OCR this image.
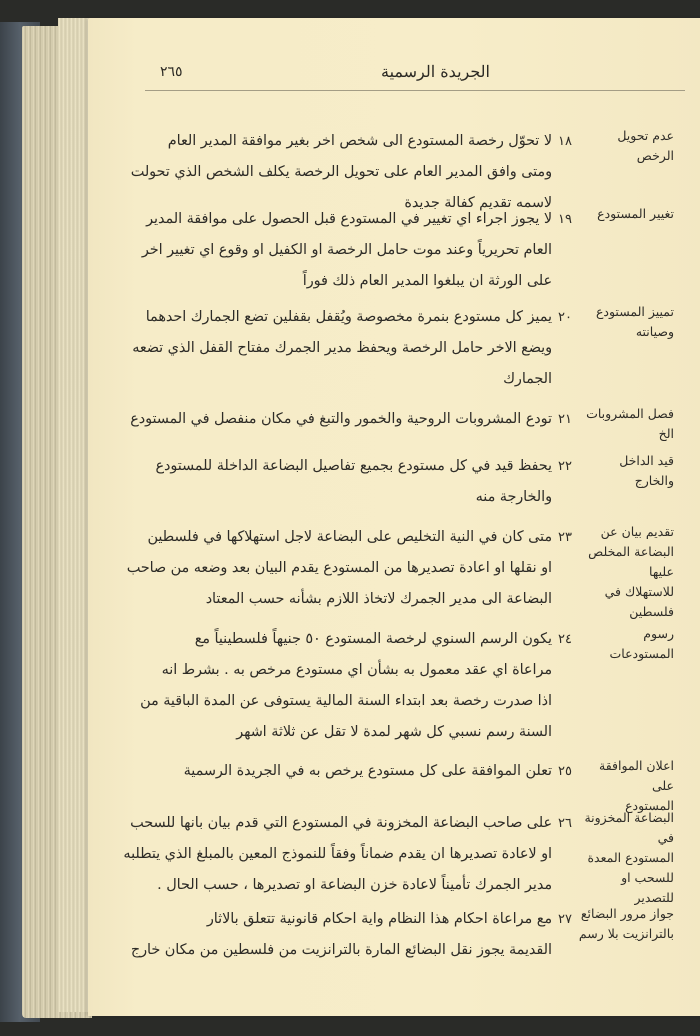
الجريدة الرسمية
٢٦٥
عدم تحويل الرخص
١٨
لا تحوّل رخصة المستودع الى شخص اخر بغير موافقة المدير العام
ومتى وافق المدير العام على تحويل الرخصة يكلف الشخص الذي تحولت
لاسمه تقديم كفالة جديدة
تغيير المستودع
١٩
لا يجوز اجراء اي تغيير في المستودع قبل الحصول على موافقة المدير
العام تحريرياً وعند موت حامل الرخصة او الكفيل او وقوع اي تغيير اخر
على الورثة ان يبلغوا المدير العام ذلك فوراً
تمييز المستودع
وصيانته
٢٠
يميز كل مستودع بنمرة مخصوصة ويُقفل بقفلين تضع الجمارك احدهما
ويضع الاخر حامل الرخصة ويحفظ مدير الجمرك مفتاح القفل الذي تضعه
الجمارك
فصل المشروبات الخ
٢١
تودع المشروبات الروحية والخمور والتبغ في مكان منفصل في المستودع
قيد الداخل
والخارج
٢٢
يحفظ قيد في كل مستودع بجميع تفاصيل البضاعة الداخلة للمستودع
والخارجة منه
تقديم بيان عن
البضاعة المخلص عليها
للاستهلاك في فلسطين
٢٣
متى كان في النية التخليص على البضاعة لاجل استهلاكها في فلسطين
او نقلها او اعادة تصديرها من المستودع يقدم البيان بعد وضعه من صاحب
البضاعة الى مدير الجمرك لاتخاذ اللازم بشأنه حسب المعتاد
رسوم المستودعات
٢٤
يكون الرسم السنوي لرخصة المستودع ٥٠ جنيهاً فلسطينياً مع
مراعاة اي عقد معمول به بشأن اي مستودع مرخص به . بشرط انه
اذا صدرت رخصة بعد ابتداء السنة المالية يستوفى عن المدة الباقية من
السنة رسم نسبي كل شهر لمدة لا تقل عن ثلاثة اشهر
اعلان الموافقة على
المستودع
٢٥
تعلن الموافقة على كل مستودع يرخص به في الجريدة الرسمية
البضاعة المخزونة في
المستودع المعدة
للسحب او للتصدير
٢٦
على صاحب البضاعة المخزونة في المستودع التي قدم بيان بانها للسحب
او لاعادة تصديرها ان يقدم ضماناً وفقاً للنموذج المعين بالمبلغ الذي يتطلبه
مدير الجمرك تأميناً لاعادة خزن البضاعة او تصديرها ، حسب الحال .
جواز مرور البضائع
بالترانزيت بلا رسم
٢٧
مع مراعاة احكام هذا النظام واية احكام قانونية تتعلق بالاثار
القديمة يجوز نقل البضائع المارة بالترانزيت من فلسطين من مكان خارج
